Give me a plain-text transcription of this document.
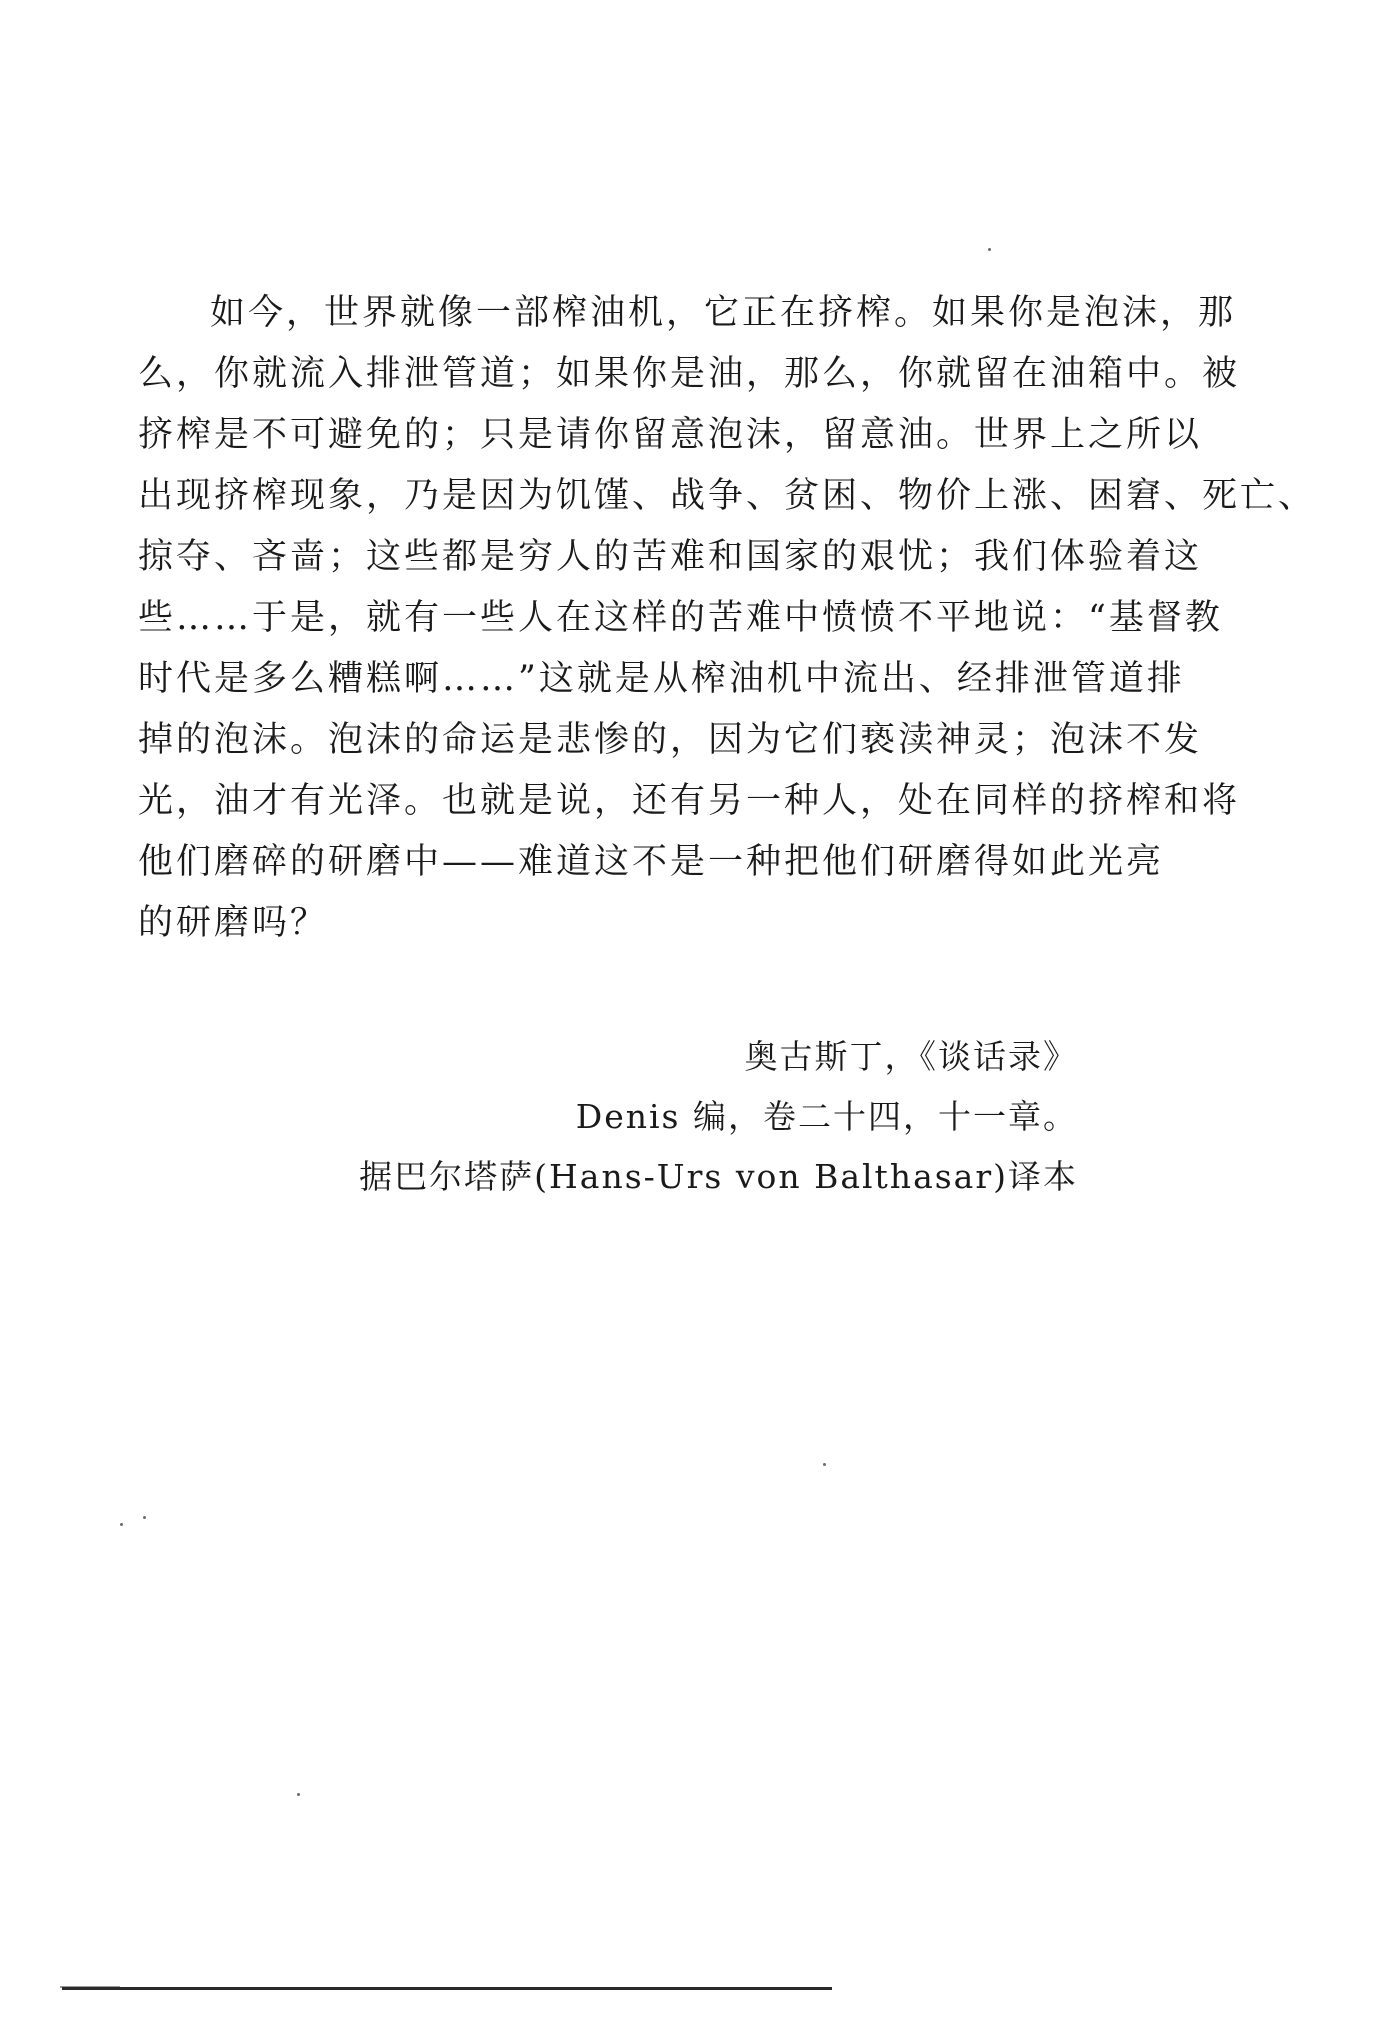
如今，世界就像一部榨油机，它正在挤榨。如果你是泡沫，那
么，你就流入排泄管道；如果你是油，那么，你就留在油箱中。被
挤榨是不可避免的；只是请你留意泡沫，留意油。世界上之所以
出现挤榨现象，乃是因为饥馑、战争、贫困、物价上涨、困窘、死亡、
掠夺、吝啬；这些都是穷人的苦难和国家的艰忧；我们体验着这
些……于是，就有一些人在这样的苦难中愤愤不平地说：“基督教
时代是多么糟糕啊……”这就是从榨油机中流出、经排泄管道排
掉的泡沫。泡沫的命运是悲惨的，因为它们亵渎神灵；泡沫不发
光，油才有光泽。也就是说，还有另一种人，处在同样的挤榨和将
他们磨碎的研磨中——难道这不是一种把他们研磨得如此光亮
的研磨吗？
奥古斯丁，《谈话录》
Denis 编，卷二十四，十一章。
据巴尔塔萨(Hans-Urs von Balthasar)译本
